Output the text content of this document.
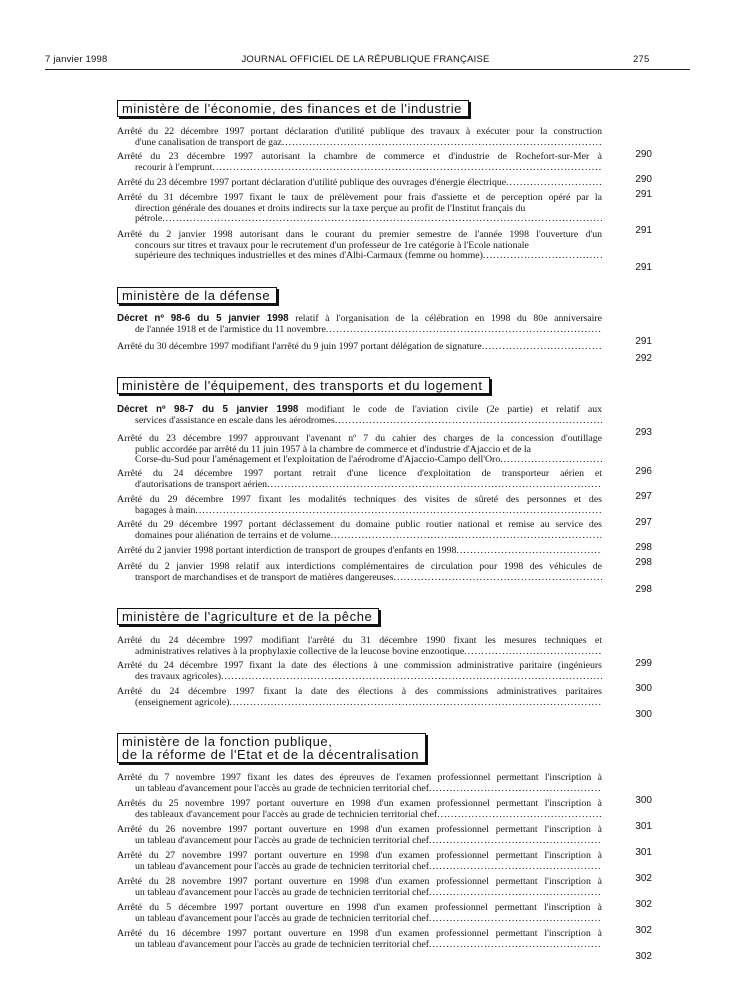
7 janvier 1998	JOURNAL OFFICIEL DE LA RÉPUBLIQUE FRANÇAISE	275
ministère de l'économie, des finances et de l'industrie
Arrêté du 22 décembre 1997 portant déclaration d'utilité publique des travaux à exécuter pour la construction
d'une canalisation de transport de gaz
.....
290
Arrêté du 23 décembre 1997 autorisant la chambre de commerce et d'industrie de Rochefort-sur-Mer à
recourir à l'emprunt
.....
290
Arrêté du 23 décembre 1997 portant déclaration d'utilité publique des ouvrages d'énergie électrique
.....
291
Arrêté du 31 décembre 1997 fixant le taux de prélèvement pour frais d'assiette et de perception opéré par la
direction générale des douanes et droits indirects sur la taxe perçue au profit de l'Institut français du
pétrole
.....
291
Arrêté du 2 janvier 1998 autorisant dans le courant du premier semestre de l'année 1998 l'ouverture d'un
concours sur titres et travaux pour le recrutement d'un professeur de 1re catégorie à l'Ecole nationale
supérieure des techniques industrielles et des mines d'Albi-Carmaux (femme ou homme)
.....
291
ministère de la défense
Décret nº 98-6 du 5 janvier 1998 relatif à l'organisation de la célébration en 1998 du 80e anniversaire
de l'année 1918 et de l'armistice du 11 novembre
.....
291
Arrêté du 30 décembre 1997 modifiant l'arrêté du 9 juin 1997 portant délégation de signature
.....
292
ministère de l'équipement, des transports et du logement
Décret nº 98-7 du 5 janvier 1998 modifiant le code de l'aviation civile (2e partie) et relatif aux
services d'assistance en escale dans les aérodromes
.....
293
Arrêté du 23 décembre 1997 approuvant l'avenant nº 7 du cahier des charges de la concession d'outillage
public accordée par arrêté du 11 juin 1957 à la chambre de commerce et d'industrie d'Ajaccio et de la
Corse-du-Sud pour l'aménagement et l'exploitation de l'aérodrome d'Ajaccio-Campo dell'Oro
.....
296
Arrêté du 24 décembre 1997 portant retrait d'une licence d'exploitation de transporteur aérien et
d'autorisations de transport aérien
.....
297
Arrêté du 29 décembre 1997 fixant les modalités techniques des visites de sûreté des personnes et des
bagages à main
.....
297
Arrêté du 29 décembre 1997 portant déclassement du domaine public routier national et remise au service des
domaines pour aliénation de terrains et de volume
.....
298
Arrêté du 2 janvier 1998 portant interdiction de transport de groupes d'enfants en 1998
.....
298
Arrêté du 2 janvier 1998 relatif aux interdictions complémentaires de circulation pour 1998 des véhicules de
transport de marchandises et de transport de matières dangereuses
.....
298
ministère de l'agriculture et de la pêche
Arrêté du 24 décembre 1997 modifiant l'arrêté du 31 décembre 1990 fixant les mesures techniques et
administratives relatives à la prophylaxie collective de la leucose bovine enzootique
.....
299
Arrêté du 24 décembre 1997 fixant la date des élections à une commission administrative paritaire (ingénieurs
des travaux agricoles)
.....
300
Arrêté du 24 décembre 1997 fixant la date des élections à des commissions administratives paritaires
(enseignement agricole)
.....
300
ministère de la fonction publique,
de la réforme de l'Etat et de la décentralisation
Arrêté du 7 novembre 1997 fixant les dates des épreuves de l'examen professionnel permettant l'inscription à
un tableau d'avancement pour l'accès au grade de technicien territorial chef
.....
300
Arrêtés du 25 novembre 1997 portant ouverture en 1998 d'un examen professionnel permettant l'inscription à
des tableaux d'avancement pour l'accès au grade de technicien territorial chef
.....
301
Arrêté du 26 novembre 1997 portant ouverture en 1998 d'un examen professionnel permettant l'inscription à
un tableau d'avancement pour l'accès au grade de technicien territorial chef
.....
301
Arrêté du 27 novembre 1997 portant ouverture en 1998 d'un examen professionnel permettant l'inscription à
un tableau d'avancement pour l'accès au grade de technicien territorial chef
.....
302
Arrêté du 28 novembre 1997 portant ouverture en 1998 d'un examen professionnel permettant l'inscription à
un tableau d'avancement pour l'accès au grade de technicien territorial chef
.....
302
Arrêté du 5 décembre 1997 portant ouverture en 1998 d'un examen professionnel permettant l'inscription à
un tableau d'avancement pour l'accès au grade de technicien territorial chef
.....
302
Arrêté du 16 décembre 1997 portant ouverture en 1998 d'un examen professionnel permettant l'inscription à
un tableau d'avancement pour l'accès au grade de technicien territorial chef
.....
302
